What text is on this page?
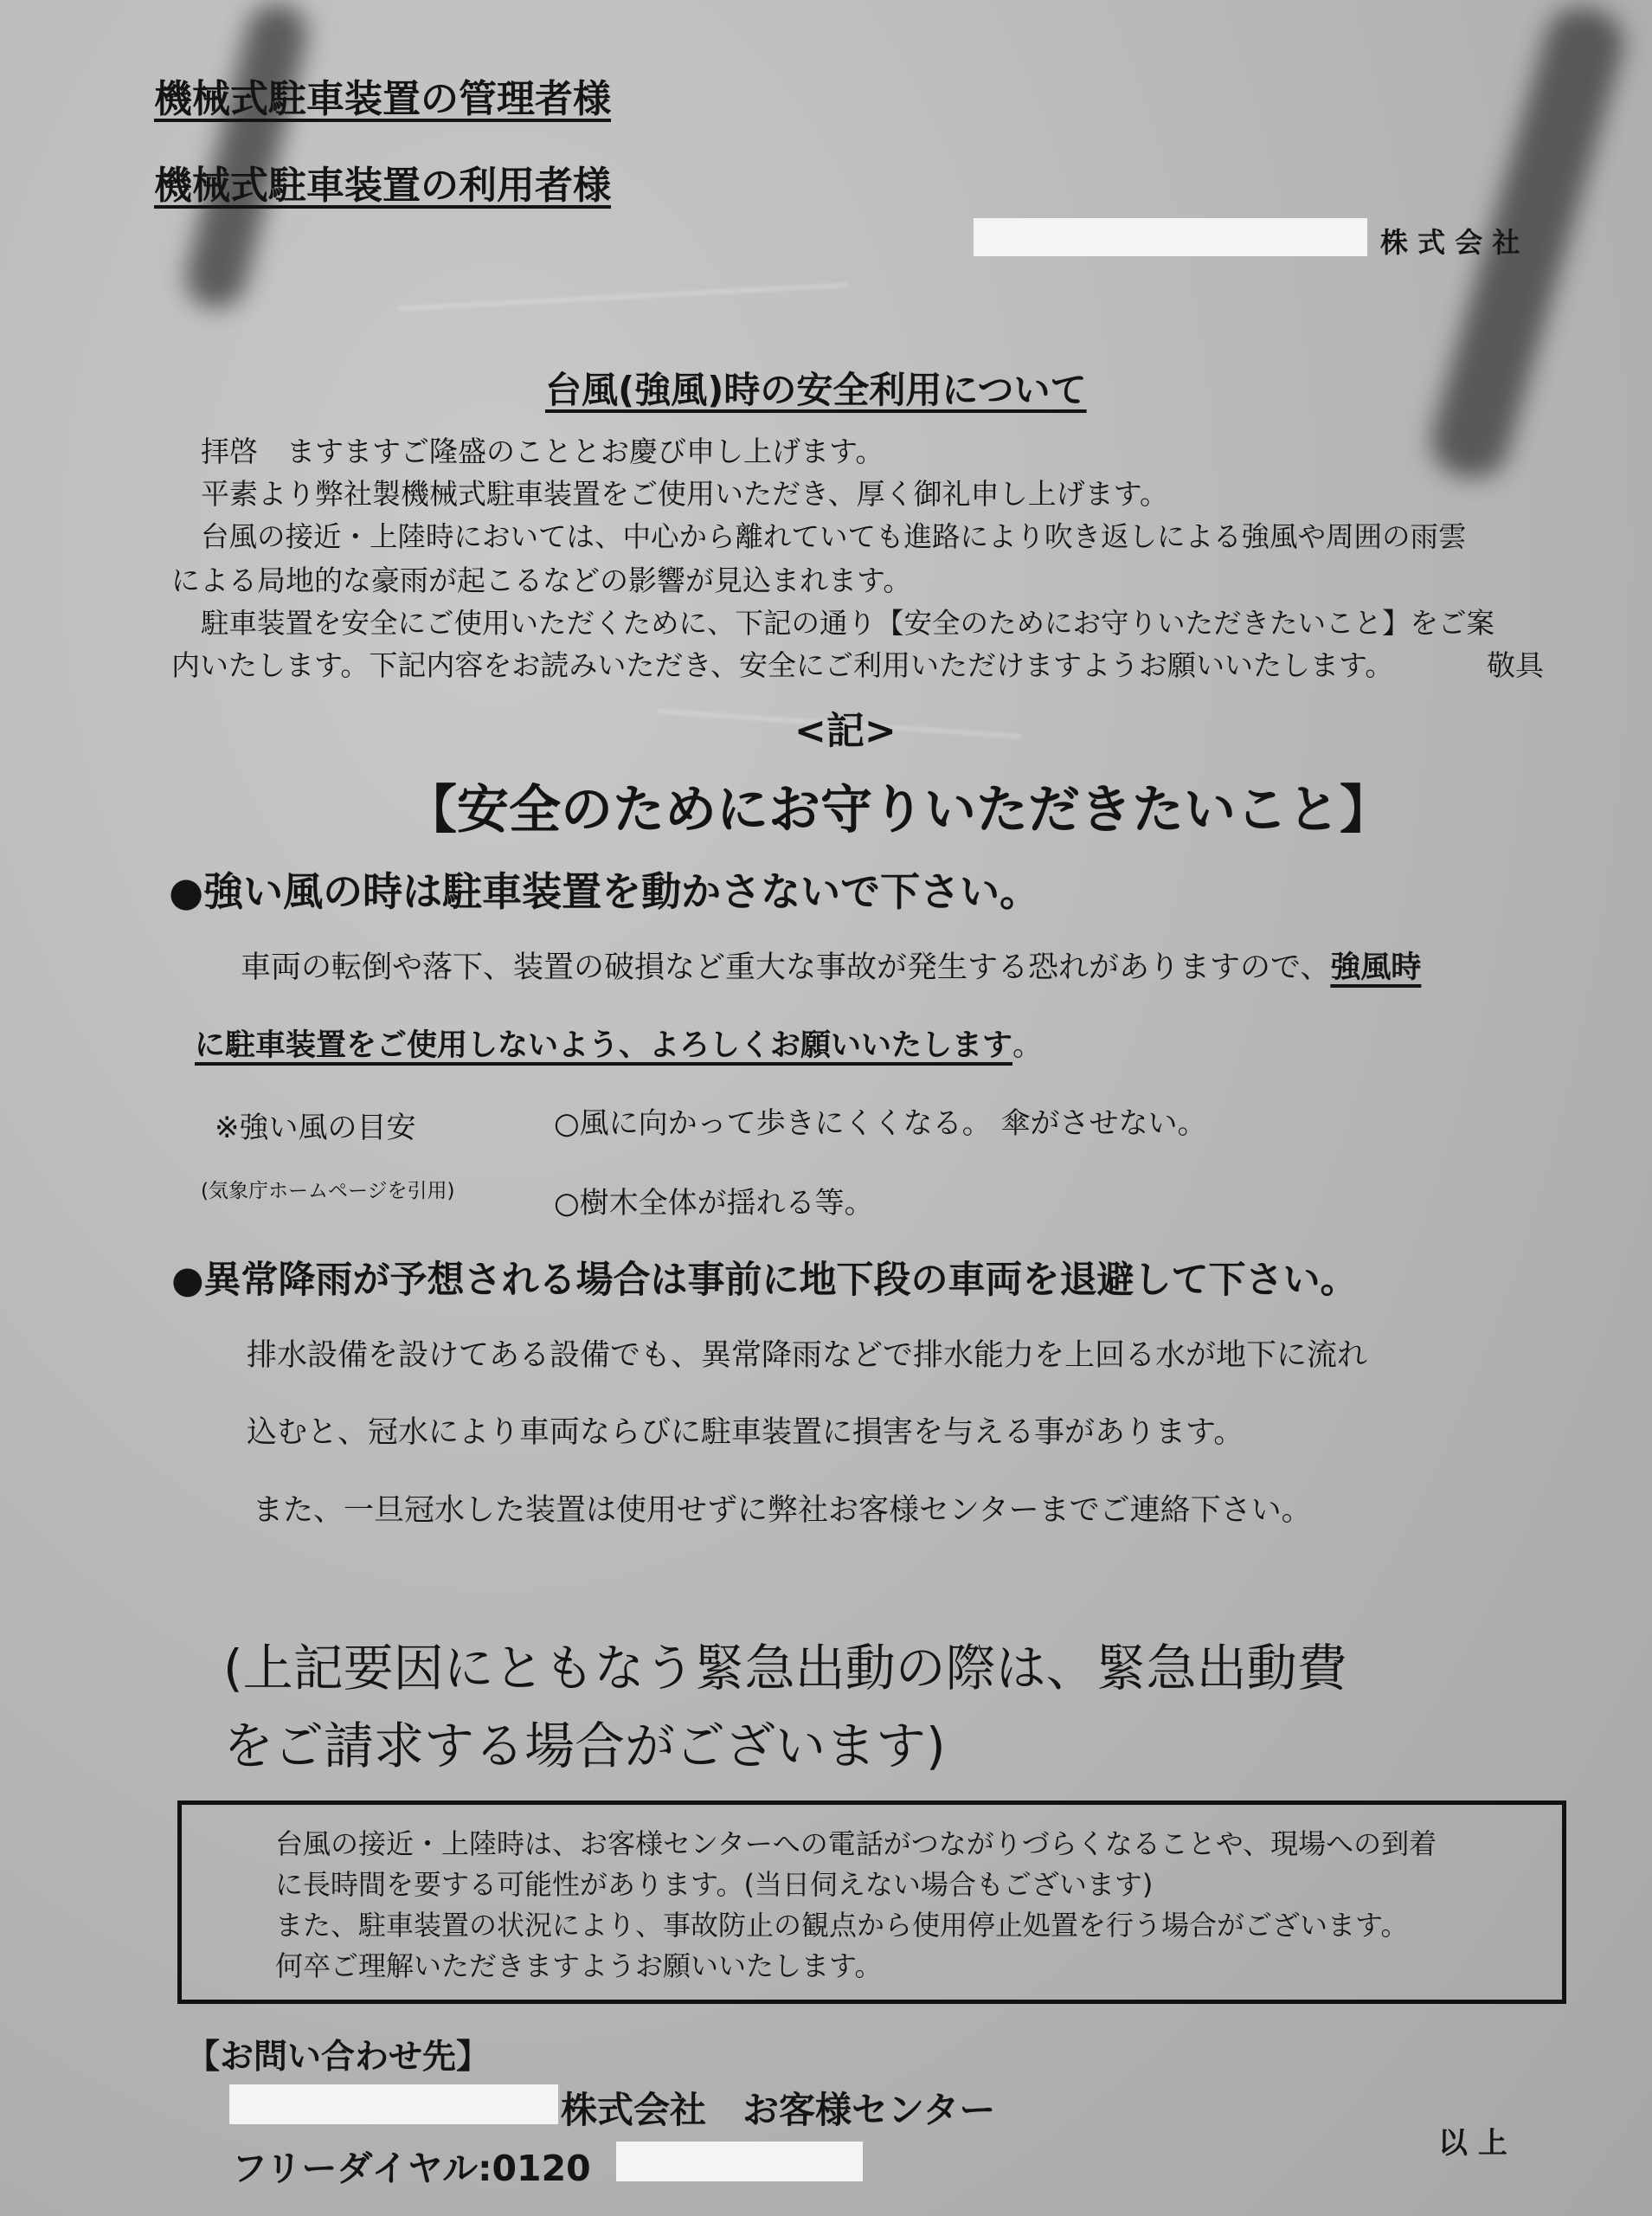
機械式駐車装置の管理者様
機械式駐車装置の利用者様
株 式 会 社
台風(強風)時の安全利用について
拝啓　ますますご隆盛のこととお慶び申し上げます。
平素より弊社製機械式駐車装置をご使用いただき、厚く御礼申し上げます。
台風の接近・上陸時においては、中心から離れていても進路により吹き返しによる強風や周囲の雨雲
による局地的な豪雨が起こるなどの影響が見込まれます。
駐車装置を安全にご使用いただくために、下記の通り【安全のためにお守りいただきたいこと】をご案
内いたします。下記内容をお読みいただき、安全にご利用いただけますようお願いいたします。	敬具
<記>
【安全のためにお守りいただきたいこと】
●強い風の時は駐車装置を動かさないで下さい。
車両の転倒や落下、装置の破損など重大な事故が発生する恐れがありますので、強風時
に駐車装置をご使用しないよう、よろしくお願いいたします。
※強い風の目安
(気象庁ホームページを引用)
○風に向かって歩きにくくなる。 傘がさせない。
○樹木全体が揺れる等。
●異常降雨が予想される場合は事前に地下段の車両を退避して下さい。
排水設備を設けてある設備でも、異常降雨などで排水能力を上回る水が地下に流れ
込むと、冠水により車両ならびに駐車装置に損害を与える事があります。
また、一旦冠水した装置は使用せずに弊社お客様センターまでご連絡下さい。
(上記要因にともなう緊急出動の際は、緊急出動費
をご請求する場合がございます)
台風の接近・上陸時は、お客様センターへの電話がつながりづらくなることや、現場への到着
に長時間を要する可能性があります。(当日伺えない場合もございます)
また、駐車装置の状況により、事故防止の観点から使用停止処置を行う場合がございます。
何卒ご理解いただきますようお願いいたします。
【お問い合わせ先】
株式会社　お客様センター
フリーダイヤル:0120
以 上
